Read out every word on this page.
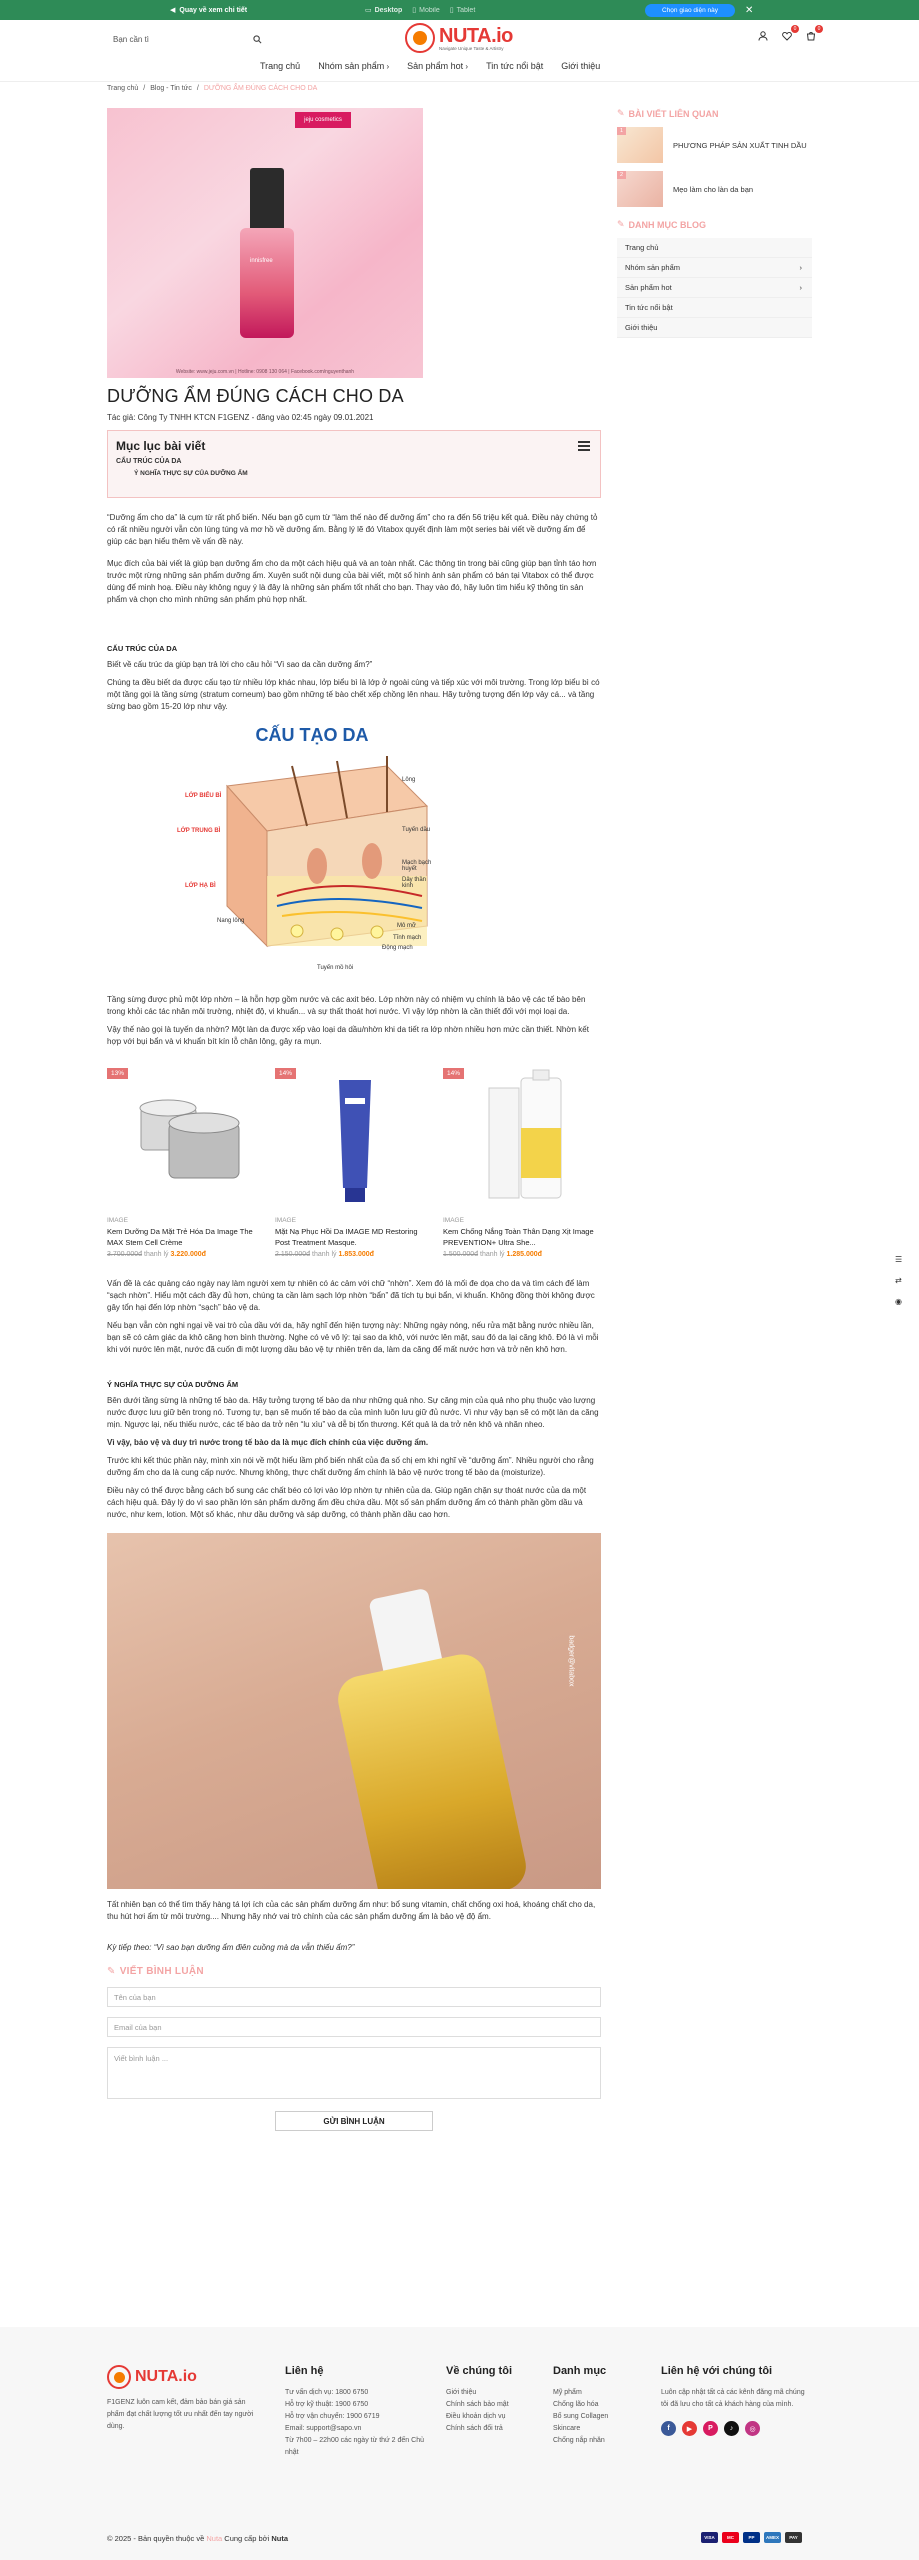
◀ Quay về xem chi tiết	▭ Desktop ▯ Mobile ▯ Tablet	Chọn giao diện này	✕
Bạn cần tì	NUTA.io
Navigate Unique Taste & Artistry
0	0
Trang chủ Nhóm sản phẩm ›	Sản phẩm hot ›	Tin tức nổi bật Giới thiệu
Trang chủ / Blog - Tin tức / DƯỠNG ẨM ĐÚNG CÁCH CHO DA
jeju cosmetics
innisfree
Website: www.jeju.com.vn | Hotline: 0908 130 064 | Facebook.com/nguyenthanh
DƯỠNG ẨM ĐÚNG CÁCH CHO DA
Tác giả: Công Ty TNHH KTCN F1GENZ - đăng vào 02:45 ngày 09.01.2021
Mục lục bài viết
CẤU TRÚC CỦA DA
Ý NGHĨA THỰC SỰ CỦA DƯỠNG ẨM
“Dưỡng ẩm cho da” là cụm từ rất phổ biến. Nếu bạn gõ cụm từ “làm thế nào để dưỡng ẩm” cho ra đến 56 triệu kết quả. Điều này chứng tỏ có rất nhiều người vẫn còn lúng túng và mơ hồ về dưỡng ẩm. Bằng lý lẽ đó Vitabox quyết định làm một series bài viết về dưỡng ẩm để giúp các bạn hiểu thêm về vấn đề này.
Mục đích của bài viết là giúp bạn dưỡng ẩm cho da một cách hiệu quả và an toàn nhất. Các thông tin trong bài cũng giúp bạn tỉnh táo hơn trước một rừng những sản phẩm dưỡng ẩm. Xuyên suốt nội dung của bài viết, một số hình ảnh sản phẩm có bán tại Vitabox có thể được dùng để minh hoạ. Điều này không nguy ý là đây là những sản phẩm tốt nhất cho bạn. Thay vào đó, hãy luôn tìm hiểu kỹ thông tin sản phẩm và chọn cho mình những sản phẩm phù hợp nhất.
CẤU TRÚC CỦA DA
Biết về cấu trúc da giúp bạn trả lời cho câu hỏi “Vì sao da cần dưỡng ẩm?”
Chúng ta đều biết da được cấu tạo từ nhiều lớp khác nhau, lớp biểu bì là lớp ở ngoài cùng và tiếp xúc với môi trường. Trong lớp biểu bì có một tầng gọi là tầng sừng (stratum corneum) bao gồm những tế bào chết xếp chồng lên nhau. Hãy tưởng tượng đến lớp vảy cá... và tầng sừng bao gồm 15-20 lớp như vậy.
CẤU TẠO DA
Lông
LỚP BIỂU BÌ
LỚP TRUNG BÌ	Tuyến dầu
Mạch bạch huyết
Dây thần kinh
LỚP HẠ BÌ
Nang lông
Mô mỡ
Tĩnh mạch
Động mạch
Tuyến mồ hôi
Tầng sừng được phủ một lớp nhờn – là hỗn hợp gồm nước và các axit béo. Lớp nhờn này có nhiệm vụ chính là bảo vệ các tế bào bên trong khỏi các tác nhân môi trường, nhiệt độ, vi khuẩn... và sự thất thoát hơi nước. Vì vậy lớp nhờn là cần thiết đối với mọi loại da.
Vậy thế nào gọi là tuyến da nhờn? Một làn da được xếp vào loại da dầu/nhờn khi da tiết ra lớp nhờn nhiều hơn mức cần thiết. Nhờn kết hợp với bụi bẩn và vi khuẩn bít kín lỗ chân lông, gây ra mụn.
13%
IMAGE
Kem Dưỡng Da Mặt Trẻ Hóa Da Image The MAX Stem Cell Crème
3.700.000đ thanh lý 3.220.000đ
14%
IMAGE
Mặt Nạ Phục Hồi Da IMAGE MD Restoring Post Treatment Masque.
2.150.000đ thanh lý 1.853.000đ
14%
IMAGE
Kem Chống Nắng Toàn Thân Dạng Xịt Image PREVENTION+ Ultra She...
1.500.000đ thanh lý 1.285.000đ
Vấn đề là các quảng cáo ngày nay làm người xem tự nhiên có ác cảm với chữ “nhờn”. Xem đó là mối đe dọa cho da và tìm cách để làm “sạch nhờn”. Hiểu một cách đầy đủ hơn, chúng ta cần làm sạch lớp nhờn “bẩn” đã tích tụ bụi bẩn, vi khuẩn. Không đồng thời không được gây tổn hại đến lớp nhờn “sạch” bảo vệ da.
Nếu bạn vẫn còn nghi ngại về vai trò của dầu với da, hãy nghĩ đến hiện tượng này: Những ngày nóng, nếu rửa mặt bằng nước nhiều lần, bạn sẽ có cảm giác da khô căng hơn bình thường. Nghe có vẻ vô lý: tại sao da khô, với nước lên mặt, sau đó da lại căng khô. Đó là vì mỗi khi với nước lên mặt, nước đã cuốn đi một lượng dầu bảo vệ tự nhiên trên da, làm da căng để mất nước hơn và trở nên khô hơn.
Ý NGHĨA THỰC SỰ CỦA DƯỠNG ẨM
Bên dưới tầng sừng là những tế bào da. Hãy tưởng tượng tế bào da như những quả nho. Sự căng mịn của quả nho phụ thuộc vào lượng nước được lưu giữ bên trong nó. Tương tự, bạn sẽ muốn tế bào da của mình luôn lưu giữ đủ nước. Vì như vậy bạn sẽ có một làn da căng mịn. Ngược lại, nếu thiếu nước, các tế bào da trở nên “lu xìu” và dễ bị tổn thương. Kết quả là da trở nên khô và nhăn nheo.
Vì vậy, bảo vệ và duy trì nước trong tế bào da là mục đích chính của việc dưỡng ẩm.
Trước khi kết thúc phần này, mình xin nói về một hiểu lầm phổ biến nhất của đa số chị em khi nghĩ về “dưỡng ẩm”. Nhiều người cho rằng dưỡng ẩm cho da là cung cấp nước. Nhưng không, thực chất dưỡng ẩm chính là bảo vệ nước trong tế bào da (moisturize).
Điều này có thể được bằng cách bổ sung các chất béo có lợi vào lớp nhờn tự nhiên của da. Giúp ngăn chặn sự thoát nước của da một cách hiệu quả. Đây lý do vì sao phần lớn sản phẩm dưỡng ẩm đều chứa dầu. Một số sản phẩm dưỡng ẩm có thành phần gồm dầu và nước, như kem, lotion. Một số khác, như dầu dưỡng và sáp dưỡng, có thành phần dầu cao hơn.
badger@vitabox
Tất nhiên bạn có thể tìm thấy hàng tá lợi ích của các sản phẩm dưỡng ẩm như: bổ sung vitamin, chất chống oxi hoá, khoáng chất cho da, thu hút hơi ẩm từ môi trường.... Nhưng hãy nhớ vai trò chính của các sản phẩm dưỡng ẩm là bảo vệ độ ẩm.
Kỳ tiếp theo: “Vì sao bạn dưỡng ẩm điên cuồng mà da vẫn thiếu ẩm?”
✎ VIẾT BÌNH LUẬN
Tên của bạn
Email của bạn
Viết bình luận ...
GỬI BÌNH LUẬN
✎ BÀI VIẾT LIÊN QUAN
1
PHƯƠNG PHÁP SẢN XUẤT TINH DẦU
2
Mẹo làm cho làn da bạn
✎ DANH MỤC BLOG
Trang chủ
Nhóm sản phẩm	›
Sản phẩm hot	›
Tin tức nổi bật
Giới thiệu
☰
⇄
◉
NUTA.io
F1GENZ luôn cam kết, đảm bảo bán giá sản phẩm đạt chất lượng tốt ưu nhất đến tay người dùng.
Liên hệ
Tư vấn dịch vụ: 1800 6750
Hỗ trợ kỹ thuật: 1900 6750
Hỗ trợ vận chuyển: 1900 6719
Email: support@sapo.vn
Từ 7h00 – 22h00 các ngày từ thứ 2 đến Chủ nhật
Về chúng tôi
Giới thiệu
Chính sách bảo mật
Điều khoản dịch vụ
Chính sách đổi trả
Danh mục
Mỹ phẩm
Chống lão hóa
Bổ sung Collagen
Skincare
Chống nắp nhăn
Liên hệ với chúng tôi
Luôn cập nhật tất cả các kênh đăng mã chúng tôi đã lưu cho tất cả khách hàng của mình.
f	▶	P	♪	◎
© 2025 - Bản quyền thuộc về Nuta Cung cấp bởi Nuta	VISA	MC	PP	AMEX	PAY
